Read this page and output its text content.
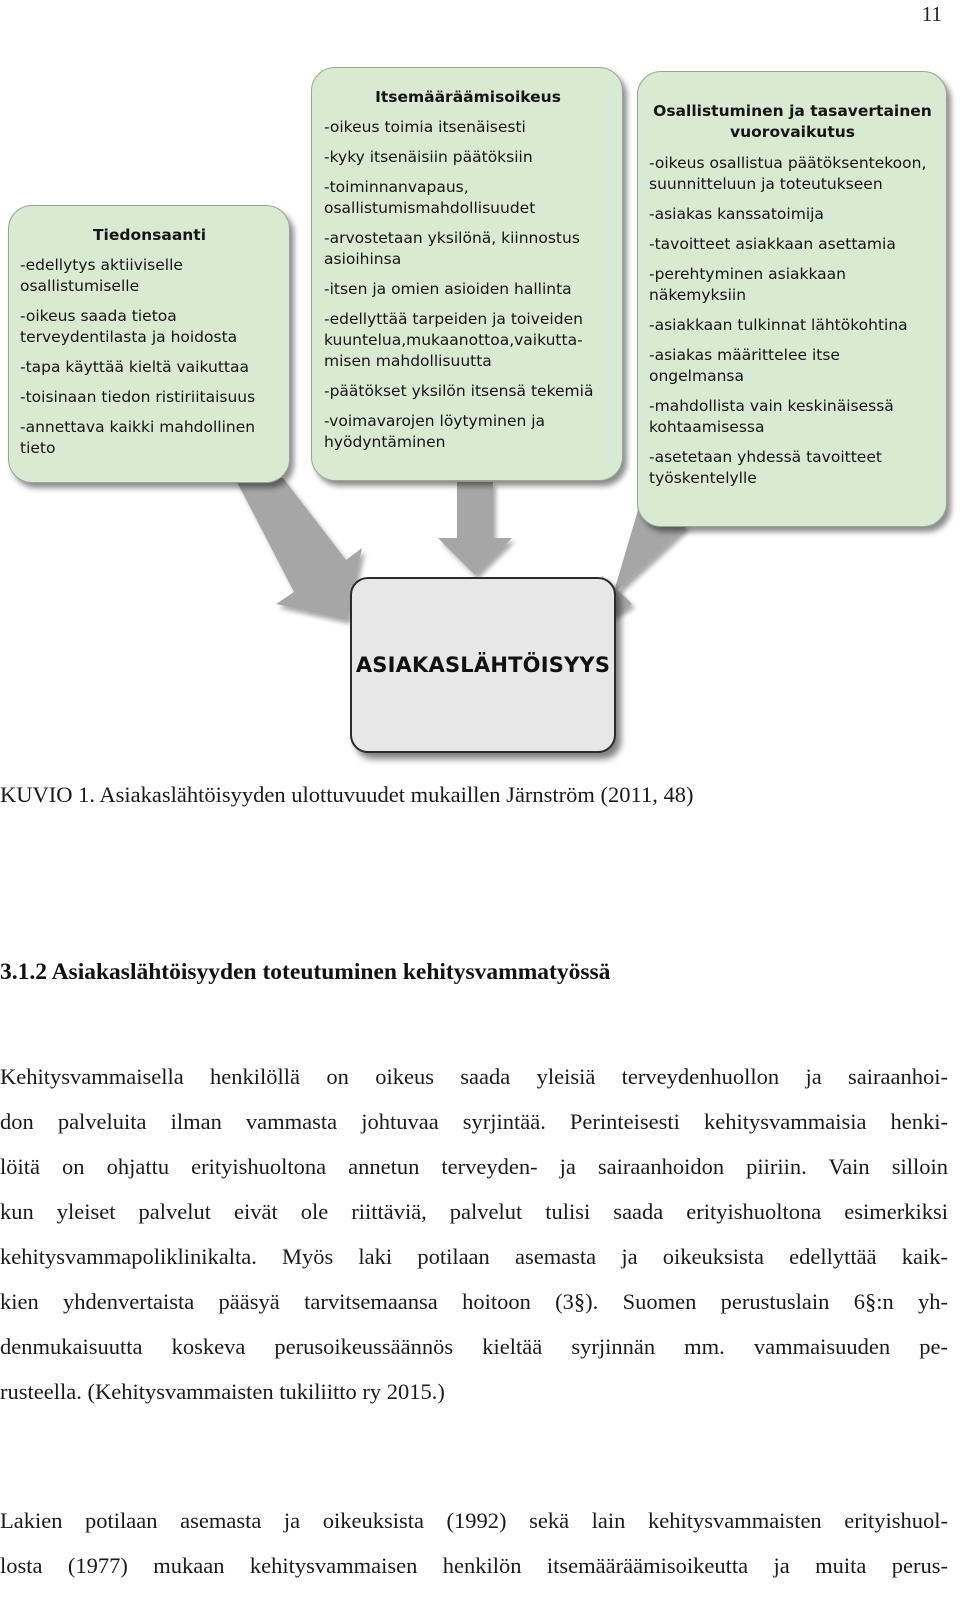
11
Tiedonsaanti
-edellytys aktiiviselle
osallistumiselle
-oikeus saada tietoa
terveydentilasta ja hoidosta
-tapa käyttää kieltä vaikuttaa
-toisinaan tiedon ristiriitaisuus
-annettava kaikki mahdollinen
tieto
Itsemääräämisoikeus
-oikeus toimia itsenäisesti
-kyky itsenäisiin päätöksiin
-toiminnanvapaus,
osallistumismahdollisuudet
-arvostetaan yksilönä, kiinnostus
asioihinsa
-itsen ja omien asioiden hallinta
-edellyttää tarpeiden ja toiveiden
kuuntelua,mukaanottoa,vaikutta-
misen mahdollisuutta
-päätökset yksilön itsensä tekemiä
-voimavarojen löytyminen ja
hyödyntäminen
Osallistuminen ja tasavertainen
vuorovaikutus
-oikeus osallistua päätöksentekoon,
suunnitteluun ja toteutukseen
-asiakas kanssatoimija
-tavoitteet asiakkaan asettamia
-perehtyminen asiakkaan
näkemyksiin
-asiakkaan tulkinnat lähtökohtina
-asiakas määrittelee itse
ongelmansa
-mahdollista vain keskinäisessä
kohtaamisessa
-asetetaan yhdessä tavoitteet
työskentelylle
ASIAKASLÄHTÖISYYS
KUVIO 1. Asiakaslähtöisyyden ulottuvuudet mukaillen Järnström (2011, 48)
3.1.2 Asiakaslähtöisyyden toteutuminen kehitysvammatyössä
Kehitysvammaisella henkilöllä on oikeus saada yleisiä terveydenhuollon ja sairaanhoi-
don palveluita ilman vammasta johtuvaa syrjintää. Perinteisesti kehitysvammaisia henki-
löitä on ohjattu erityishuoltona annetun terveyden- ja sairaanhoidon piiriin. Vain silloin
kun yleiset palvelut eivät ole riittäviä, palvelut tulisi saada erityishuoltona esimerkiksi
kehitysvammapoliklinikalta. Myös laki potilaan asemasta ja oikeuksista edellyttää kaik-
kien yhdenvertaista pääsyä tarvitsemaansa hoitoon (3§). Suomen perustuslain 6§:n yh-
denmukaisuutta koskeva perusoikeussäännös kieltää syrjinnän mm. vammaisuuden pe-
rusteella. (Kehitysvammaisten tukiliitto ry 2015.)
Lakien potilaan asemasta ja oikeuksista (1992) sekä lain kehitysvammaisten erityishuol-
losta (1977) mukaan kehitysvammaisen henkilön itsemääräämisoikeutta ja muita perus-
